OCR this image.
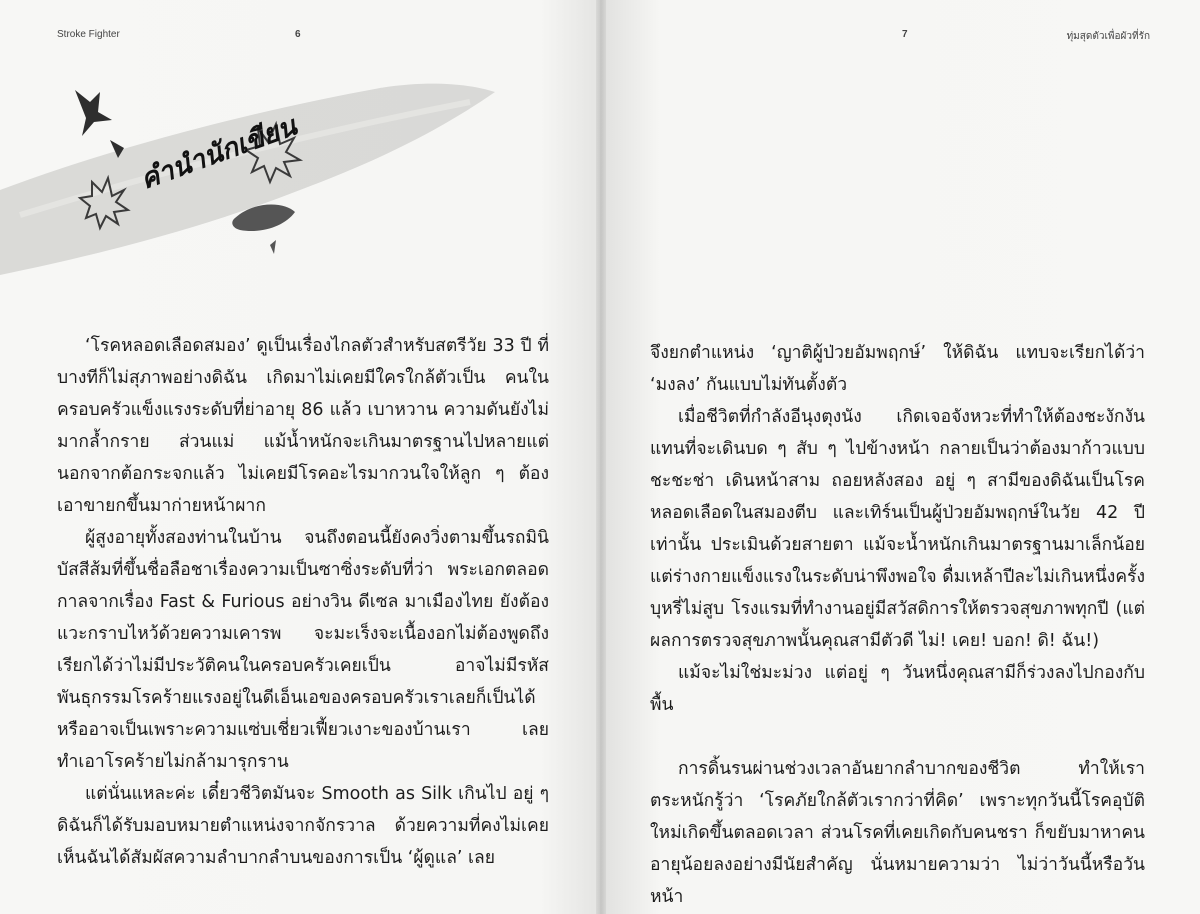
Stroke Fighter	6
คำนำนักเขียน

‘โรคหลอดเลือดสมอง’ ดูเป็นเรื่องไกลตัวสำหรับสตรีวัย 33 ปี ที่บางทีก็ไม่สุภาพอย่างดิฉัน เกิดมาไม่เคยมีใครใกล้ตัวเป็น คนในครอบครัวแข็งแรงระดับที่ย่าอายุ 86 แล้ว เบาหวาน ความดันยังไม่มากล้ำกราย ส่วนแม่ แม้น้ำหนักจะเกินมาตรฐานไปหลายแต่นอกจากต้อกระจกแล้ว ไม่เคยมีโรคอะไรมากวนใจให้ลูก ๆ ต้องเอาขายกขึ้นมาก่ายหน้าผาก

ผู้สูงอายุทั้งสองท่านในบ้าน จนถึงตอนนี้ยังคงวิ่งตามขึ้นรถมินิบัสสีส้มที่ขึ้นชื่อลือชาเรื่องความเป็นซาซิ่งระดับที่ว่า พระเอกตลอดกาลจากเรื่อง Fast & Furious อย่างวิน ดีเซล มาเมืองไทย ยังต้องแวะกราบไหว้ด้วยความเคารพ จะมะเร็งจะเนื้องอกไม่ต้องพูดถึง เรียกได้ว่าไม่มีประวัติคนในครอบครัวเคยเป็น อาจไม่มีรหัสพันธุกรรมโรคร้ายแรงอยู่ในดีเอ็นเอของครอบครัวเราเลยก็เป็นได้ หรืออาจเป็นเพราะความแซ่บเชี่ยวเฟี้ยวเงาะของบ้านเรา เลยทำเอาโรคร้ายไม่กล้ามารุกราน

แต่นั่นแหละค่ะ เดี๋ยวชีวิตมันจะ Smooth as Silk เกินไป อยู่ ๆ ดิฉันก็ได้รับมอบหมายตำแหน่งจากจักรวาล ด้วยความที่คงไม่เคยเห็นฉันได้สัมผัสความลำบากลำบนของการเป็น ‘ผู้ดูแล’ เลย

7	ทุ่มสุดตัวเพื่อผัวที่รัก

จึงยกตำแหน่ง ‘ญาติผู้ป่วยอัมพฤกษ์’ ให้ดิฉัน แทบจะเรียกได้ว่า ‘มงลง’ กันแบบไม่ทันตั้งตัว

เมื่อชีวิตที่กำลังอีนุงตุงนัง เกิดเจอจังหวะที่ทำให้ต้องชะงักงันแทนที่จะเดินบด ๆ สับ ๆ ไปข้างหน้า กลายเป็นว่าต้องมาก้าวแบบชะชะช่า เดินหน้าสาม ถอยหลังสอง อยู่ ๆ สามีของดิฉันเป็นโรคหลอดเลือดในสมองตีบ และเทิร์นเป็นผู้ป่วยอัมพฤกษ์ในวัย 42 ปี เท่านั้น ประเมินด้วยสายตา แม้จะน้ำหนักเกินมาตรฐานมาเล็กน้อย แต่ร่างกายแข็งแรงในระดับน่าพึงพอใจ ดื่มเหล้าปีละไม่เกินหนึ่งครั้ง บุหรี่ไม่สูบ โรงแรมที่ทำงานอยู่มีสวัสดิการให้ตรวจสุขภาพทุกปี (แต่ผลการตรวจสุขภาพนั้นคุณสามีตัวดี ไม่! เคย! บอก! ดิ! ฉัน!)

แม้จะไม่ใช่มะม่วง แต่อยู่ ๆ วันหนึ่งคุณสามีก็ร่วงลงไปกองกับพื้น

การดิ้นรนผ่านช่วงเวลาอันยากลำบากของชีวิต ทำให้เราตระหนักรู้ว่า ‘โรคภัยใกล้ตัวเรากว่าที่คิด’ เพราะทุกวันนี้โรคอุบัติใหม่เกิดขึ้นตลอดเวลา ส่วนโรคที่เคยเกิดกับคนชรา ก็ขยับมาหาคนอายุน้อยลงอย่างมีนัยสำคัญ นั่นหมายความว่า ไม่ว่าวันนี้หรือวันหน้า
